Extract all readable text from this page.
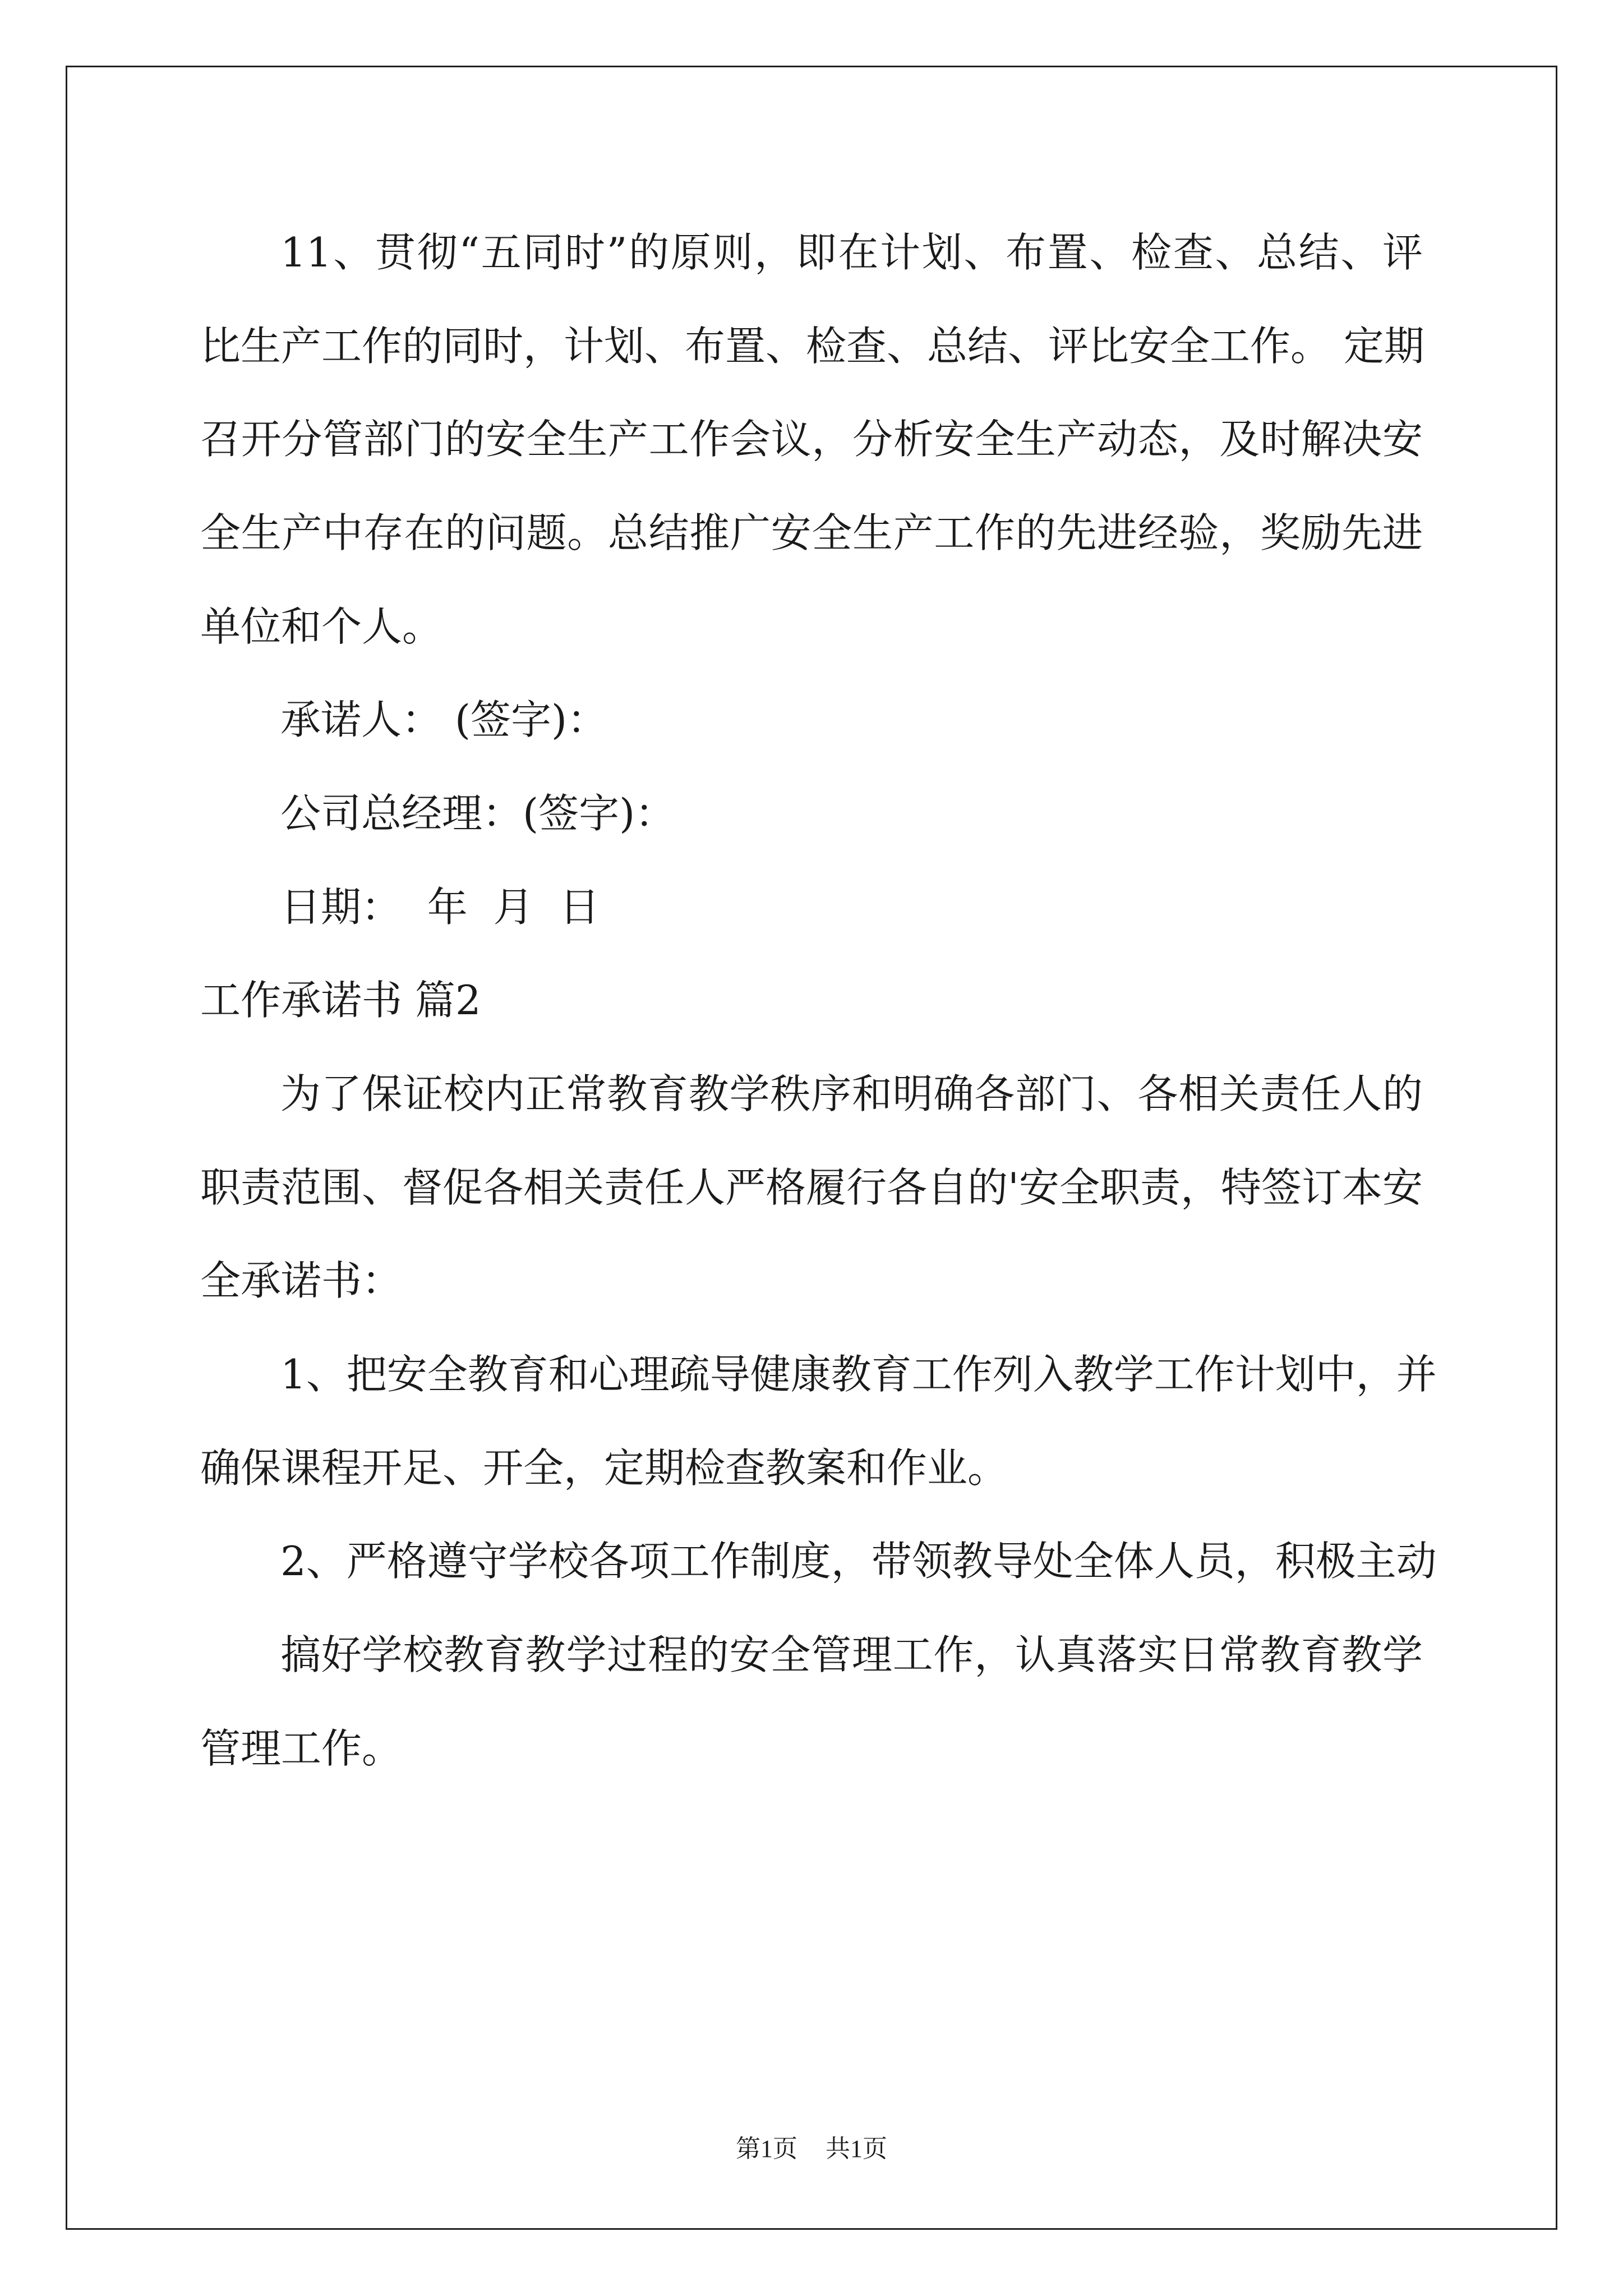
11、贯彻“五同时”的原则，即在计划、布置、检查、总结、评
比生产工作的同时，计划、布置、检查、总结、评比安全工作。 定期
召开分管部门的安全生产工作会议，分析安全生产动态，及时解决安
全生产中存在的问题。总结推广安全生产工作的先进经验，奖励先进
单位和个人。
承诺人： (签字)：
公司总经理：(签字)：
日期：  年  月  日
工作承诺书 篇2
为了保证校内正常教育教学秩序和明确各部门、各相关责任人的
职责范围、督促各相关责任人严格履行各自的'安全职责，特签订本安
全承诺书：
1、把安全教育和心理疏导健康教育工作列入教学工作计划中，并
确保课程开足、开全，定期检查教案和作业。
2、严格遵守学校各项工作制度，带领教导处全体人员，积极主动
搞好学校教育教学过程的安全管理工作，认真落实日常教育教学
管理工作。
第1页 共1页
